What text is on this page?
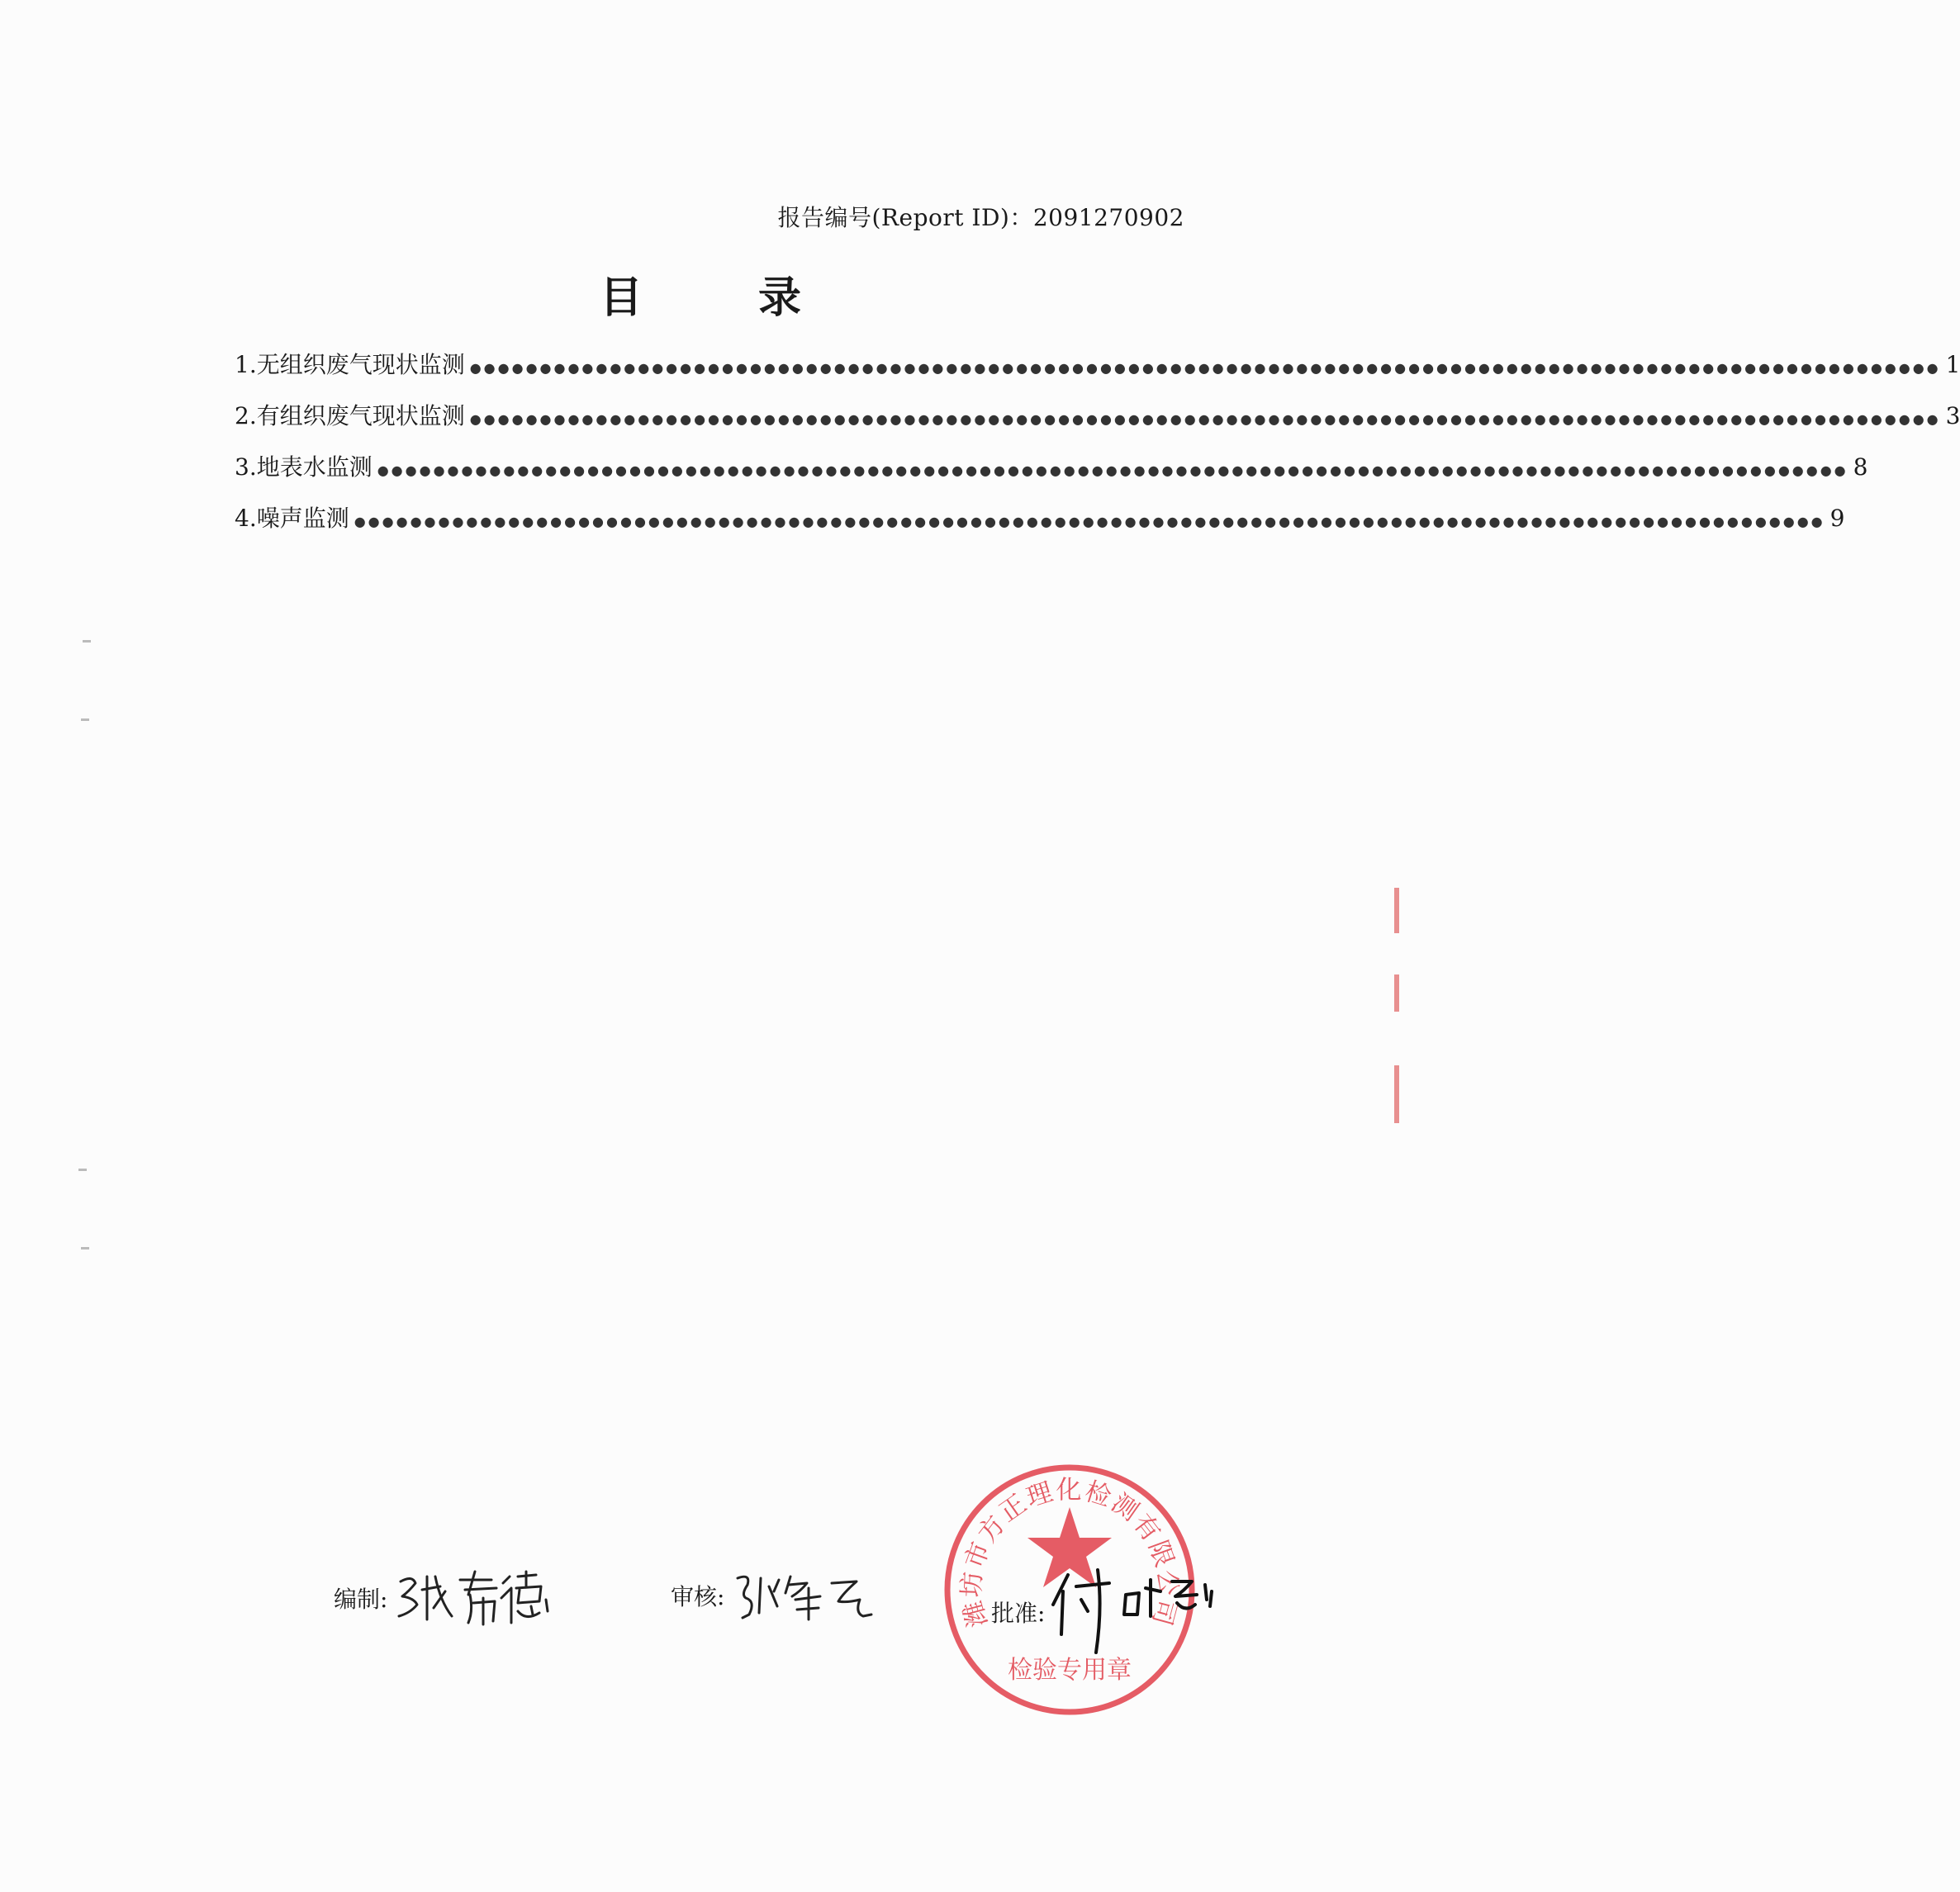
报告编号(Report ID)：2091270902
目录
1.无组织废气现状监测 ●●●●●●●●●●●●●●●●●●●●●●●●●●●●●●●●●●●●●●●●●●●●●●●●●●●●●●●●●●●●●●●●●●●●●●●●●●●●●●●●●●●●●●●●●●●●●●●●●●●●●●●●● 1
2.有组织废气现状监测 ●●●●●●●●●●●●●●●●●●●●●●●●●●●●●●●●●●●●●●●●●●●●●●●●●●●●●●●●●●●●●●●●●●●●●●●●●●●●●●●●●●●●●●●●●●●●●●●●●●●●●●●●● 3
3.地表水监测 ●●●●●●●●●●●●●●●●●●●●●●●●●●●●●●●●●●●●●●●●●●●●●●●●●●●●●●●●●●●●●●●●●●●●●●●●●●●●●●●●●●●●●●●●●●●●●●●●●●●●●●●●● 8
4.噪声监测 ●●●●●●●●●●●●●●●●●●●●●●●●●●●●●●●●●●●●●●●●●●●●●●●●●●●●●●●●●●●●●●●●●●●●●●●●●●●●●●●●●●●●●●●●●●●●●●●●●●●●●●●●● 9
潍坊市方正理化检测有限公司
检验专用章
编制:	审核:
批准:
